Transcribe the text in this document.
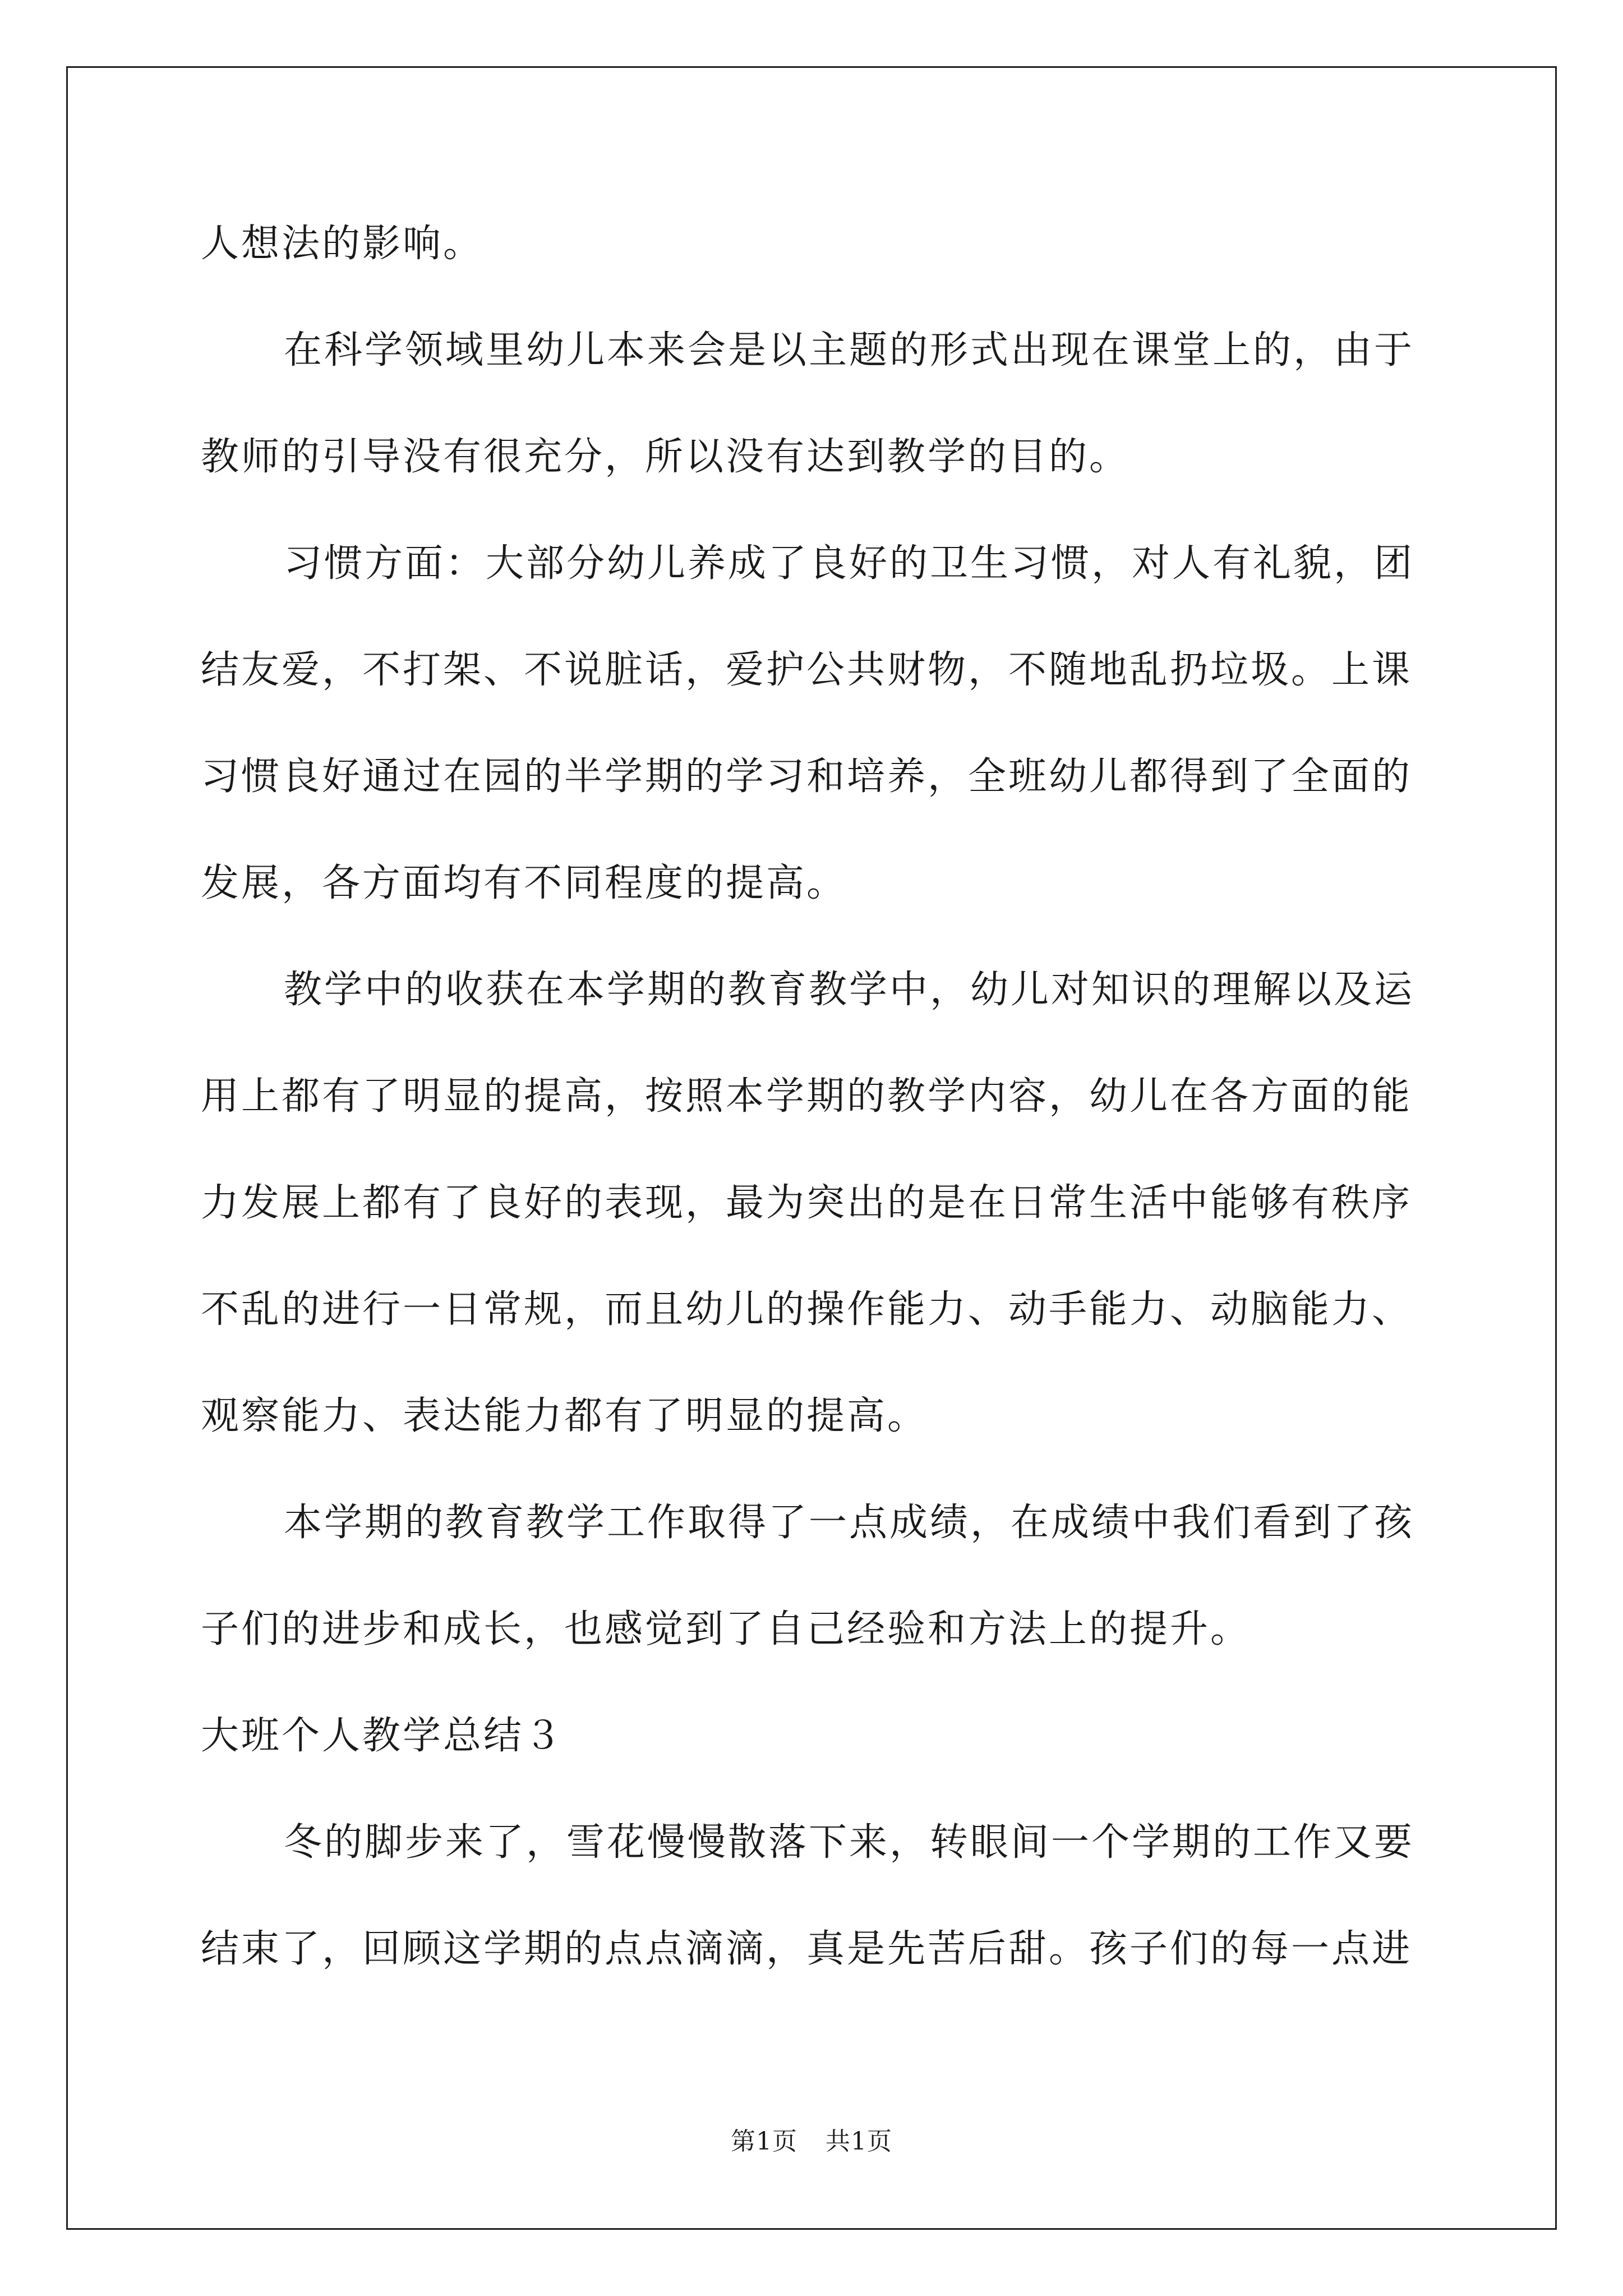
人想法的影响。
在科学领域里幼儿本来会是以主题的形式出现在课堂上的，由于
教师的引导没有很充分，所以没有达到教学的目的。
习惯方面：大部分幼儿养成了良好的卫生习惯，对人有礼貌，团
结友爱，不打架、不说脏话，爱护公共财物，不随地乱扔垃圾。上课
习惯良好通过在园的半学期的学习和培养，全班幼儿都得到了全面的
发展，各方面均有不同程度的提高。
教学中的收获在本学期的教育教学中，幼儿对知识的理解以及运
用上都有了明显的提高，按照本学期的教学内容，幼儿在各方面的能
力发展上都有了良好的表现，最为突出的是在日常生活中能够有秩序
不乱的进行一日常规，而且幼儿的操作能力、动手能力、动脑能力、
观察能力、表达能力都有了明显的提高。
本学期的教育教学工作取得了一点成绩，在成绩中我们看到了孩
子们的进步和成长，也感觉到了自己经验和方法上的提升。
大班个人教学总结３
冬的脚步来了，雪花慢慢散落下来，转眼间一个学期的工作又要
结束了，回顾这学期的点点滴滴，真是先苦后甜。孩子们的每一点进
第1页 共1页
